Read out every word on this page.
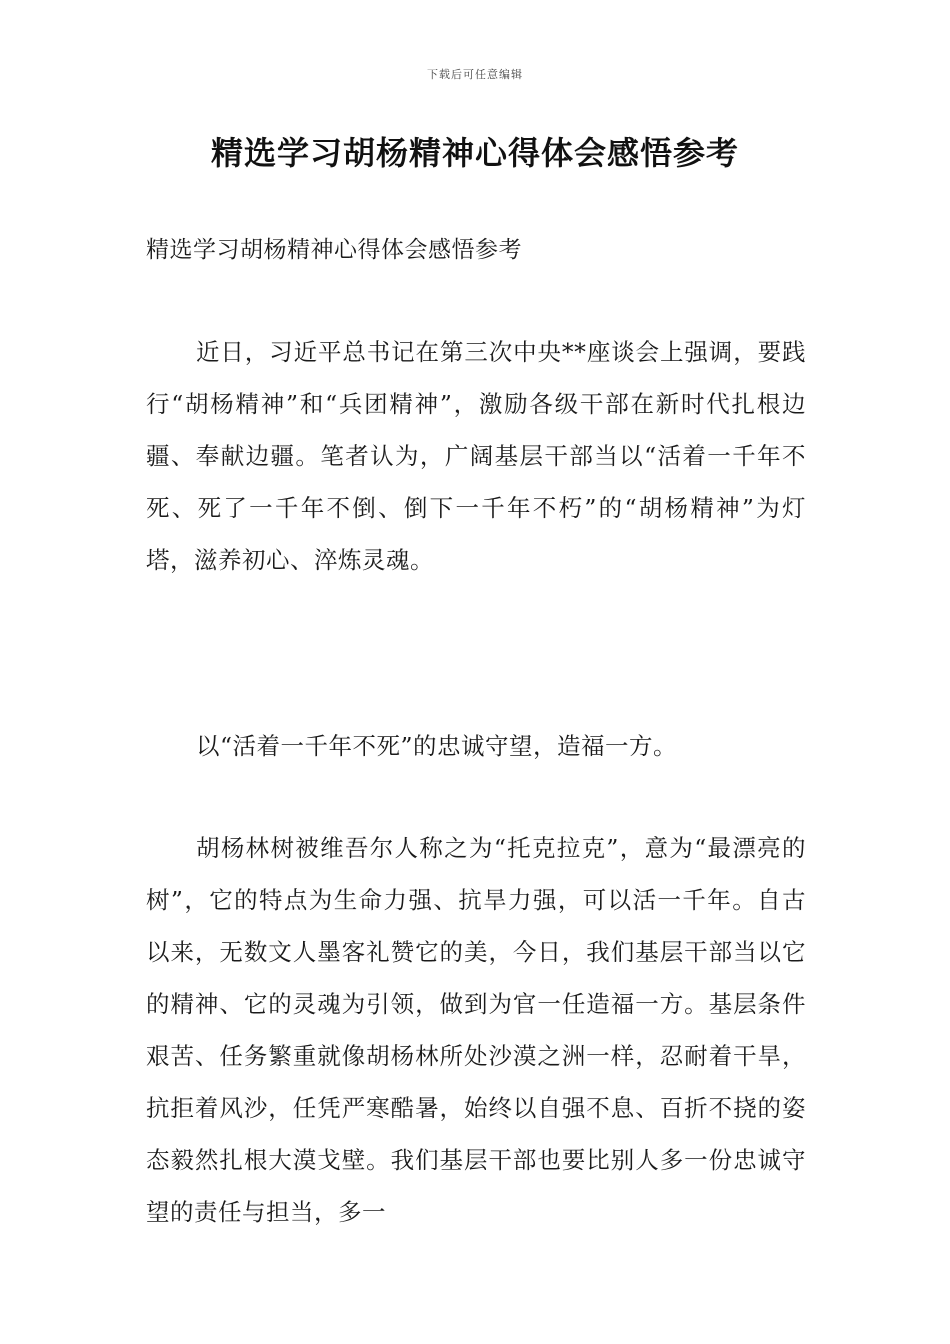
下载后可任意编辑
精选学习胡杨精神心得体会感悟参考

精选学习胡杨精神心得体会感悟参考

近日，习近平总书记在第三次中央**座谈会上强调，要践行“胡杨精神”和“兵团精神”，激励各级干部在新时代扎根边疆、奉献边疆。笔者认为，广阔基层干部当以“活着一千年不死、死了一千年不倒、倒下一千年不朽”的“胡杨精神”为灯塔，滋养初心、淬炼灵魂。

以“活着一千年不死”的忠诚守望，造福一方。

胡杨林树被维吾尔人称之为“托克拉克”，意为“最漂亮的树”，它的特点为生命力强、抗旱力强，可以活一千年。自古以来，无数文人墨客礼赞它的美，今日，我们基层干部当以它的精神、它的灵魂为引领，做到为官一任造福一方。基层条件艰苦、任务繁重就像胡杨林所处沙漠之洲一样，忍耐着干旱，抗拒着风沙，任凭严寒酷暑，始终以自强不息、百折不挠的姿态毅然扎根大漠戈壁。我们基层干部也要比别人多一份忠诚守望的责任与担当，多一
